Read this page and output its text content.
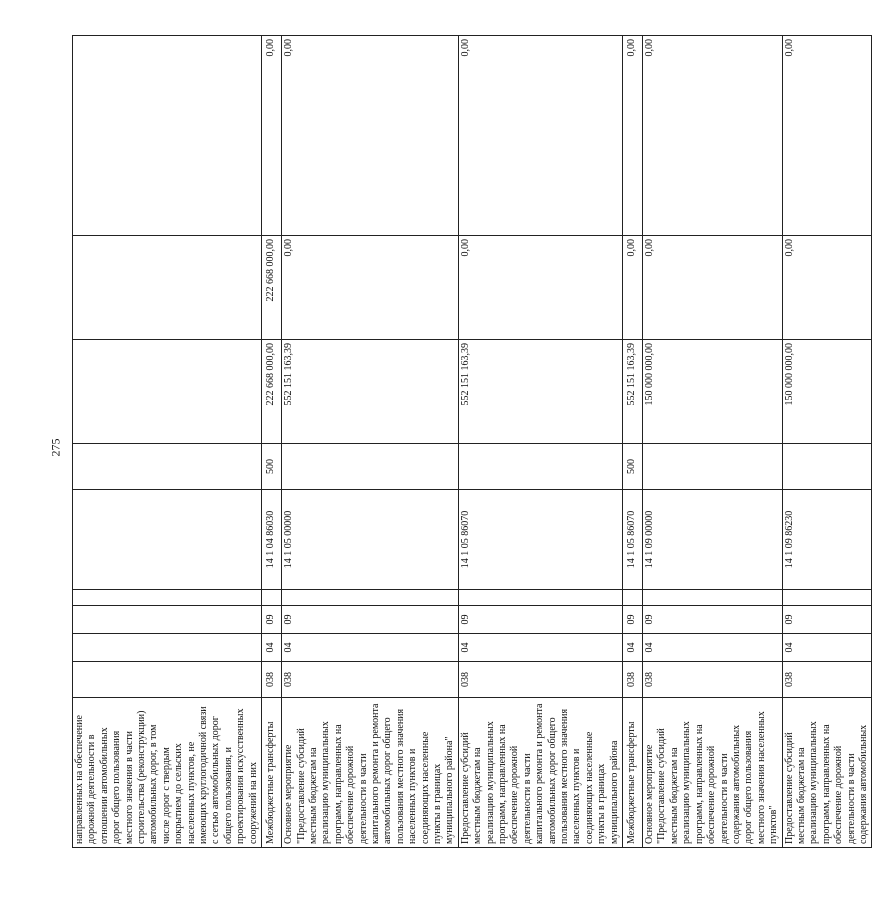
275
направленных на обеспечение дорожной деятельности в отношении автомобильных дорог общего пользования местного значения в части строительства (реконструкции) автомобильных дорог, в том числе дорог с твердым покрытием до сельских населенных пунктов, не имеющих круглогодичной связи с сетью автомобильных дорог общего пользования, и проектирования искусственных сооружений на них									
Межбюджетные трансферты	038	04	09		14 1 04 86030	500	222 668 000,00	222 668 000,00	0,00
Основное мероприятие "Предоставление субсидий местным бюджетам на реализацию муниципальных программ, направленных на обеспечение дорожной деятельности в части капитального ремонта и ремонта автомобильных дорог общего пользования местного значения населенных пунктов и соединяющих населенные пункты в границах муниципального района"	038	04	09		14 1 05 00000		552 151 163,39	0,00	0,00
Предоставление субсидий местным бюджетам на реализацию муниципальных программ, направленных на обеспечение дорожной деятельности в части капитального ремонта и ремонта автомобильных дорог общего пользования местного значения населенных пунктов и соединяющих населенные пункты в границах муниципального района	038	04	09		14 1 05 86070		552 151 163,39	0,00	0,00
Межбюджетные трансферты	038	04	09		14 1 05 86070	500	552 151 163,39	0,00	0,00
Основное мероприятие "Предоставление субсидий местным бюджетам на реализацию муниципальных программ, направленных на обеспечение дорожной деятельности в части содержания автомобильных дорог общего пользования местного значения населенных пунктов"	038	04	09		14 1 09 00000		150 000 000,00	0,00	0,00
Предоставление субсидий местным бюджетам на реализацию муниципальных программ, направленных на обеспечение дорожной деятельности в части содержания автомобильных	038	04	09		14 1 09 86230		150 000 000,00	0,00	0,00
